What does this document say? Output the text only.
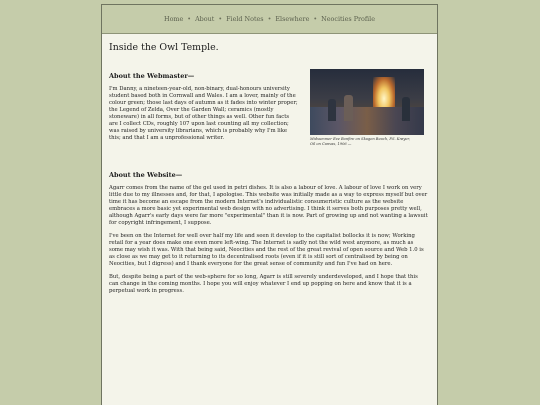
Home • About • Field Notes • Elsewhere • Neocities Profile
Inside the Owl Temple.
About the Webmaster—

I'm Danny, a nineteen-year-old, non-binary, dual-honours university student based both in Cornwall and Wales. I am a lover, mainly of the colour green; those last days of autumn as it fades into winter proper; the Legend of Zelda, Over the Garden Wall; ceramics (mostly stoneware) in all forms, but of other things as well. Other fun facts are I collect CDs, roughly 107 upon last counting all my collection; was raised by university librarians, which is probably why I'm like this; and that I am a unprofessional writer.	Midsummer Eve Bonfire on Skagen Beach, P.S. Krøyer,
Oil on Canvas, 1906 —

About the Website—

Agarr comes from the name of the gel used in petri dishes. It is also a labour of love. A labour of love I work on very little due to my illnesses and, for that, I apologise. This website was initially made as a way to express myself but over time it has become an escape from the modern Internet's individualistic consumeristic culture as the website embraces a more basic yet experimental web design with no advertising. I think it serves both purposes pretty well, although Agarr's early days were far more "experimental" than it is now. Part of growing up and not wanting a lawsuit for copyright infringement, I suppose.

I've been on the Internet for well over half my life and seen it develop to the capitalist bollocks it is now; Working retail for a year does make one even more left-wing. The Internet is sadly not the wild west anymore, as much as some may wish it was. With that being said, Neocities and the rest of the great revival of open source and Web 1.0 is as close as we may get to it returning to its decentralised roots (even if it is still sort of centralised by being on Neocities, but I digress) and I thank everyone for the great sense of community and fun I've had on here.

But, despite being a part of the web-sphere for so long, Agarr is still severely underdeveloped, and I hope that this can change in the coming months. I hope you will enjoy whatever I end up popping on here and know that it is a perpetual work in progress.
